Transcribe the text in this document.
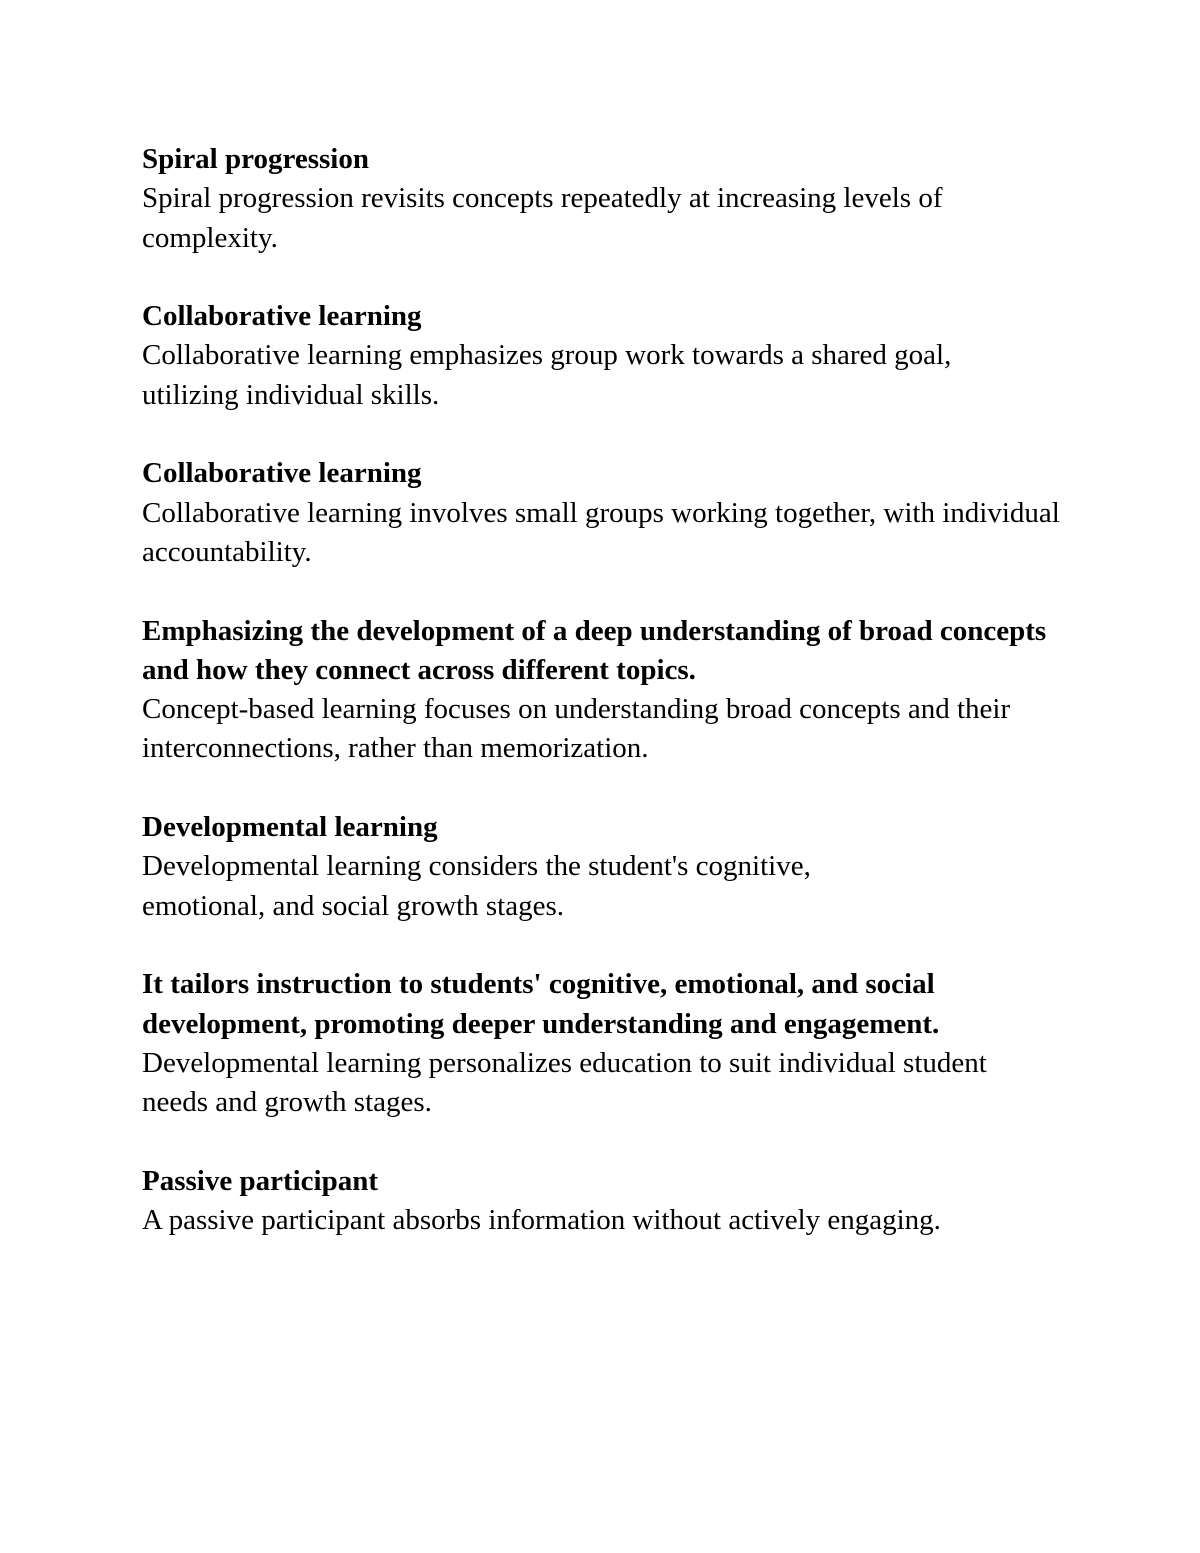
Spiral progression
Spiral progression revisits concepts repeatedly at increasing levels of complexity.
Collaborative learning
Collaborative learning emphasizes group work towards a shared goal, utilizing individual skills.
Collaborative learning
Collaborative learning involves small groups working together, with individual accountability.
Emphasizing the development of a deep understanding of broad concepts and how they connect across different topics.
Concept-based learning focuses on understanding broad concepts and their interconnections, rather than memorization.
Developmental learning
Developmental learning considers the student's cognitive, emotional, and social growth stages.
It tailors instruction to students' cognitive, emotional, and social development, promoting deeper understanding and engagement.
Developmental learning personalizes education to suit individual student needs and growth stages.
Passive participant
A passive participant absorbs information without actively engaging.
